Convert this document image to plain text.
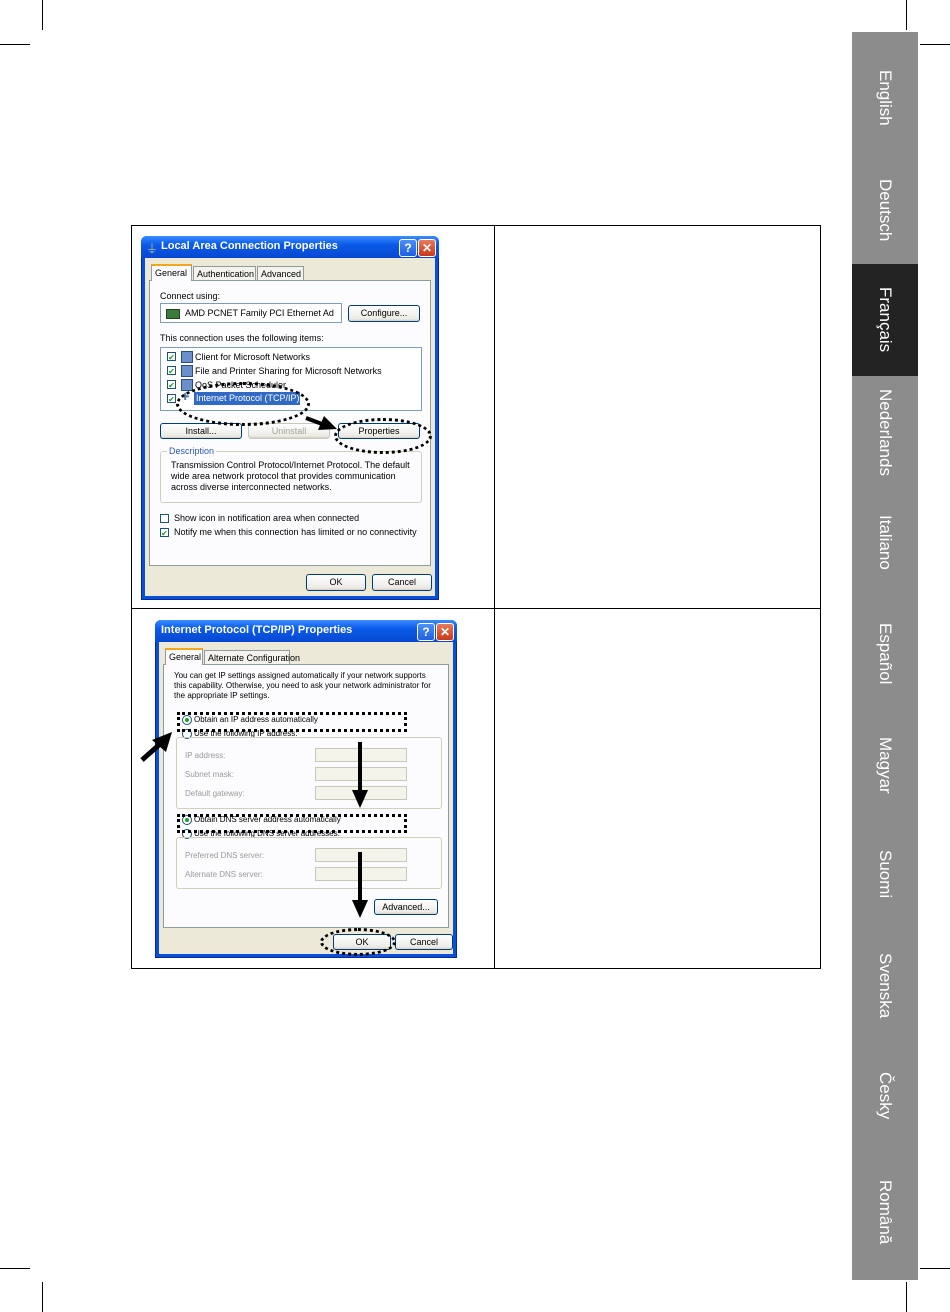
English
Deutsch
Français
Nederlands
Italiano
Español
Magyar
Suomi
Svenska
Česky
Română
⏚ Local Area Connection Properties	? ✕
General	Authentication Advanced
Connect using:
AMD PCNET Family PCI Ethernet Ad	Configure...
This connection uses the following items:
✔ Client for Microsoft Networks
✔ File and Printer Sharing for Microsoft Networks
✔ QoS Packet Scheduler
✔ ✚ Internet Protocol (TCP/IP)
Install...	Uninstall	Properties
Description
Transmission Control Protocol/Internet Protocol. The default
wide area network protocol that provides communication
across diverse interconnected networks.
Show icon in notification area when connected
✔ Notify me when this connection has limited or no connectivity
OK	Cancel
Internet Protocol (TCP/IP) Properties	? ✕
General Alternate Configuration
You can get IP settings assigned automatically if your network supports
this capability. Otherwise, you need to ask your network administrator for
the appropriate IP settings.
Obtain an IP address automatically
Use the following IP address:
IP address:
Subnet mask:
Default gateway:
Obtain DNS server address automatically
Use the following DNS server addresses:
Preferred DNS server:
Alternate DNS server:
Advanced...
OK	Cancel
